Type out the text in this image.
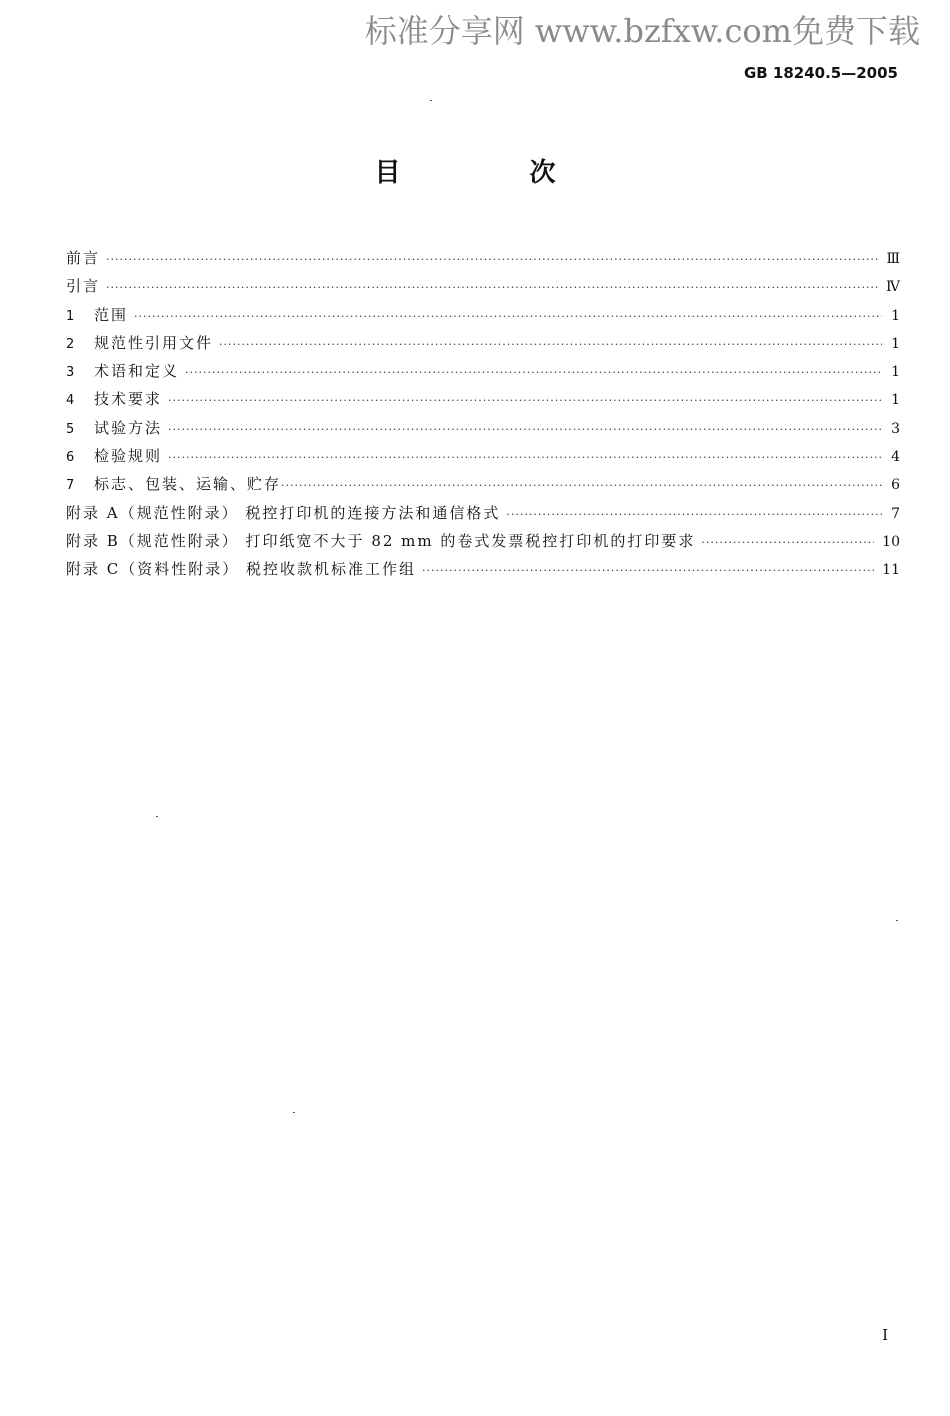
标准分享网 www.bzfxw.com免费下载
GB 18240.5—2005
目 次
前言 ·····	Ⅲ
引言 ·····	Ⅳ
1	范围 ·····	1
2	规范性引用文件 ·····	1
3	术语和定义 ·····	1
4	技术要求 ·····	1
5	试验方法 ·····	3
6	检验规则 ·····	4
7	标志、包装、运输、贮存 ·····	6
附录 A（规范性附录） 税控打印机的连接方法和通信格式 ·····	7
附录 B（规范性附录） 打印纸宽不大于 82 mm 的卷式发票税控打印机的打印要求 ·····	10
附录 C（资料性附录） 税控收款机标准工作组 ·····	11
I
